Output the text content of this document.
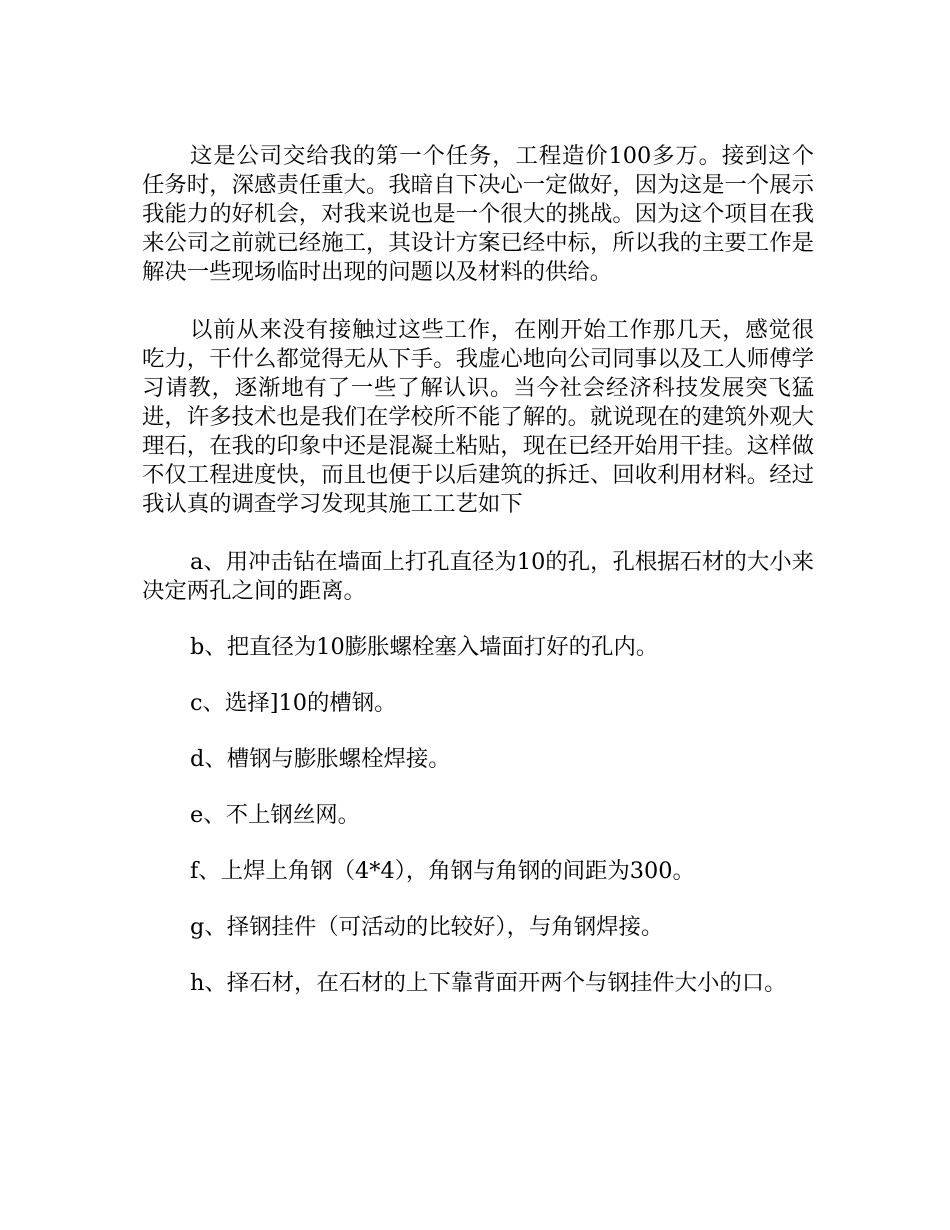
这是公司交给我的第一个任务，工程造价100多万。接到这个任务时，深感责任重大。我暗自下决心一定做好，因为这是一个展示我能力的好机会，对我来说也是一个很大的挑战。因为这个项目在我来公司之前就已经施工，其设计方案已经中标，所以我的主要工作是解决一些现场临时出现的问题以及材料的供给。

以前从来没有接触过这些工作，在刚开始工作那几天，感觉很吃力，干什么都觉得无从下手。我虚心地向公司同事以及工人师傅学习请教，逐渐地有了一些了解认识。当今社会经济科技发展突飞猛进，许多技术也是我们在学校所不能了解的。就说现在的建筑外观大理石，在我的印象中还是混凝土粘贴，现在已经开始用干挂。这样做不仅工程进度快，而且也便于以后建筑的拆迁、回收利用材料。经过我认真的调查学习发现其施工工艺如下

a、用冲击钻在墙面上打孔直径为10的孔，孔根据石材的大小来决定两孔之间的距离。

b、把直径为10膨胀螺栓塞入墙面打好的孔内。

c、选择]10的槽钢。

d、槽钢与膨胀螺栓焊接。

e、不上钢丝网。

f、上焊上角钢（4*4），角钢与角钢的间距为300。

g、择钢挂件（可活动的比较好），与角钢焊接。

h、择石材，在石材的上下靠背面开两个与钢挂件大小的口。
